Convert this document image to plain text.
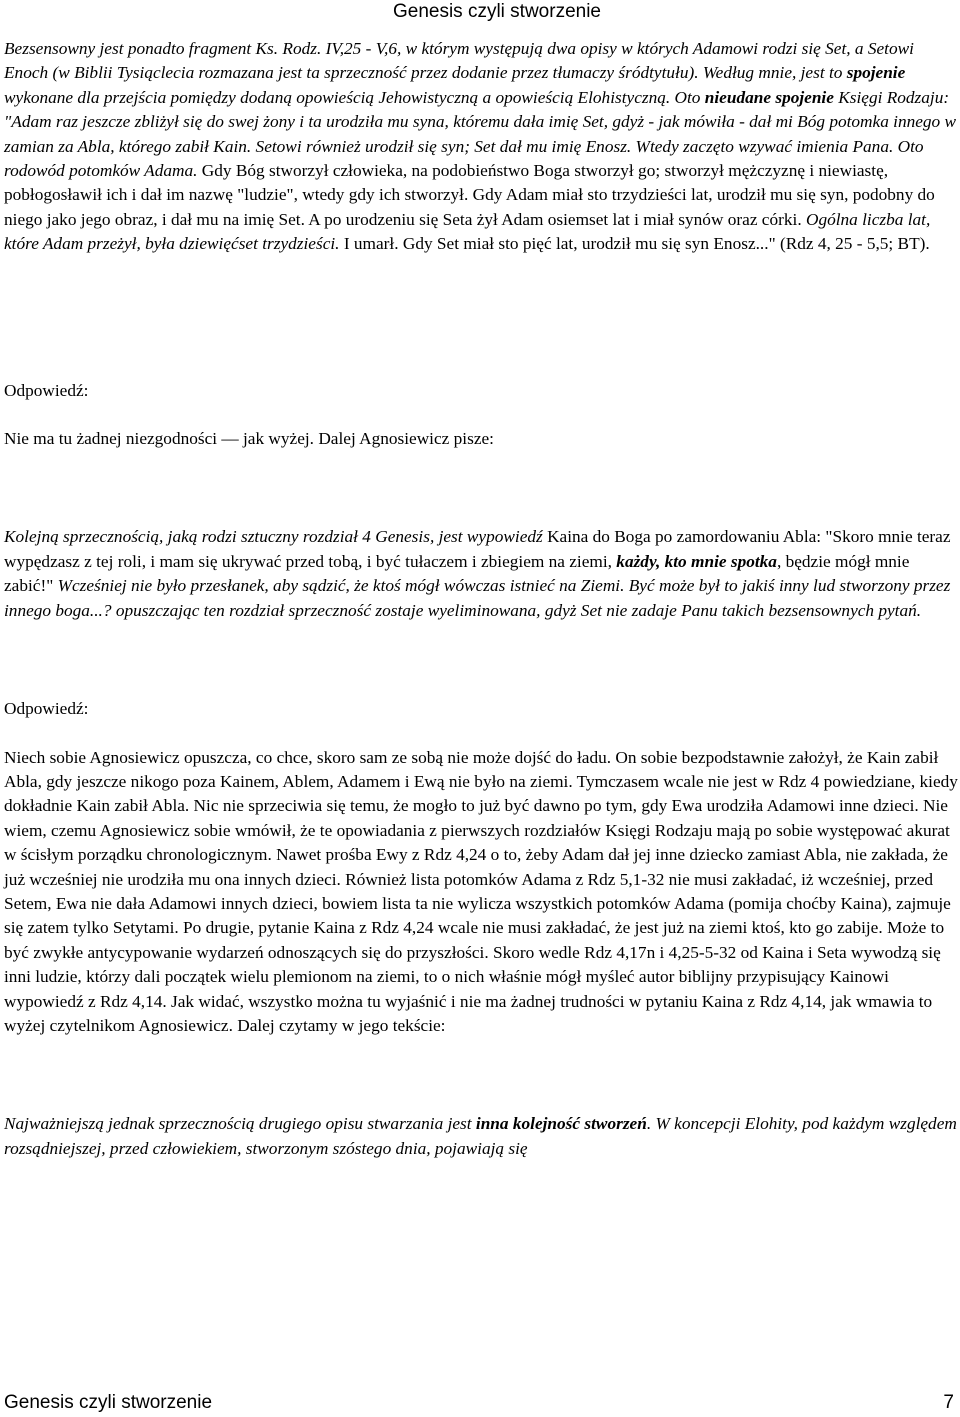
Genesis czyli stworzenie

Bezsensowny jest ponadto fragment Ks. Rodz. IV,25 - V,6, w którym występują dwa opisy w których Adamowi rodzi się Set, a Setowi Enoch (w Biblii Tysiąclecia rozmazana jest ta sprzeczność przez dodanie przez tłumaczy śródtytułu). Według mnie, jest to spojenie wykonane dla przejścia pomiędzy dodaną opowieścią Jehowistyczną a opowieścią Elohistyczną. Oto nieudane spojenie Księgi Rodzaju: "Adam raz jeszcze zbliżył się do swej żony i ta urodziła mu syna, któremu dała imię Set, gdyż - jak mówiła - dał mi Bóg potomka innego w zamian za Abla, którego zabił Kain. Setowi również urodził się syn; Set dał mu imię Enosz. Wtedy zaczęto wzywać imienia Pana. Oto rodowód potomków Adama. Gdy Bóg stworzył człowieka, na podobieństwo Boga stworzył go; stworzył mężczyznę i niewiastę, pobłogosławił ich i dał im nazwę "ludzie", wtedy gdy ich stworzył. Gdy Adam miał sto trzydzieści lat, urodził mu się syn, podobny do niego jako jego obraz, i dał mu na imię Set. A po urodzeniu się Seta żył Adam osiemset lat i miał synów oraz córki. Ogólna liczba lat, które Adam przeżył, była dziewięćset trzydzieści. I umarł. Gdy Set miał sto pięć lat, urodził mu się syn Enosz..." (Rdz 4, 25 - 5,5; BT).

Odpowiedź:

Nie ma tu żadnej niezgodności — jak wyżej. Dalej Agnosiewicz pisze:

Kolejną sprzecznością, jaką rodzi sztuczny rozdział 4 Genesis, jest wypowiedź Kaina do Boga po zamordowaniu Abla: "Skoro mnie teraz wypędzasz z tej roli, i mam się ukrywać przed tobą, i być tułaczem i zbiegiem na ziemi, każdy, kto mnie spotka, będzie mógł mnie zabić!" Wcześniej nie było przesłanek, aby sądzić, że ktoś mógł wówczas istnieć na Ziemi. Być może był to jakiś inny lud stworzony przez innego boga...? opuszczając ten rozdział sprzeczność zostaje wyeliminowana, gdyż Set nie zadaje Panu takich bezsensownych pytań.

Odpowiedź:

Niech sobie Agnosiewicz opuszcza, co chce, skoro sam ze sobą nie może dojść do ładu. On sobie bezpodstawnie założył, że Kain zabił Abla, gdy jeszcze nikogo poza Kainem, Ablem, Adamem i Ewą nie było na ziemi. Tymczasem wcale nie jest w Rdz 4 powiedziane, kiedy dokładnie Kain zabił Abla. Nic nie sprzeciwia się temu, że mogło to już być dawno po tym, gdy Ewa urodziła Adamowi inne dzieci. Nie wiem, czemu Agnosiewicz sobie wmówił, że te opowiadania z pierwszych rozdziałów Księgi Rodzaju mają po sobie występować akurat w ścisłym porządku chronologicznym. Nawet prośba Ewy z Rdz 4,24 o to, żeby Adam dał jej inne dziecko zamiast Abla, nie zakłada, że już wcześniej nie urodziła mu ona innych dzieci. Również lista potomków Adama z Rdz 5,1-32 nie musi zakładać, iż wcześniej, przed Setem, Ewa nie dała Adamowi innych dzieci, bowiem lista ta nie wylicza wszystkich potomków Adama (pomija choćby Kaina), zajmuje się zatem tylko Setytami. Po drugie, pytanie Kaina z Rdz 4,24 wcale nie musi zakładać, że jest już na ziemi ktoś, kto go zabije. Może to być zwykłe antycypowanie wydarzeń odnoszących się do przyszłości. Skoro wedle Rdz 4,17n i 4,25-5-32 od Kaina i Seta wywodzą się inni ludzie, którzy dali początek wielu plemionom na ziemi, to o nich właśnie mógł myśleć autor biblijny przypisujący Kainowi wypowiedź z Rdz 4,14. Jak widać, wszystko można tu wyjaśnić i nie ma żadnej trudności w pytaniu Kaina z Rdz 4,14, jak wmawia to wyżej czytelnikom Agnosiewicz. Dalej czytamy w jego tekście:

Najważniejszą jednak sprzecznością drugiego opisu stwarzania jest inna kolejność stworzeń. W koncepcji Elohity, pod każdym względem rozsądniejszej, przed człowiekiem, stworzonym szóstego dnia, pojawiają się

Genesis czyli stworzenie	7
